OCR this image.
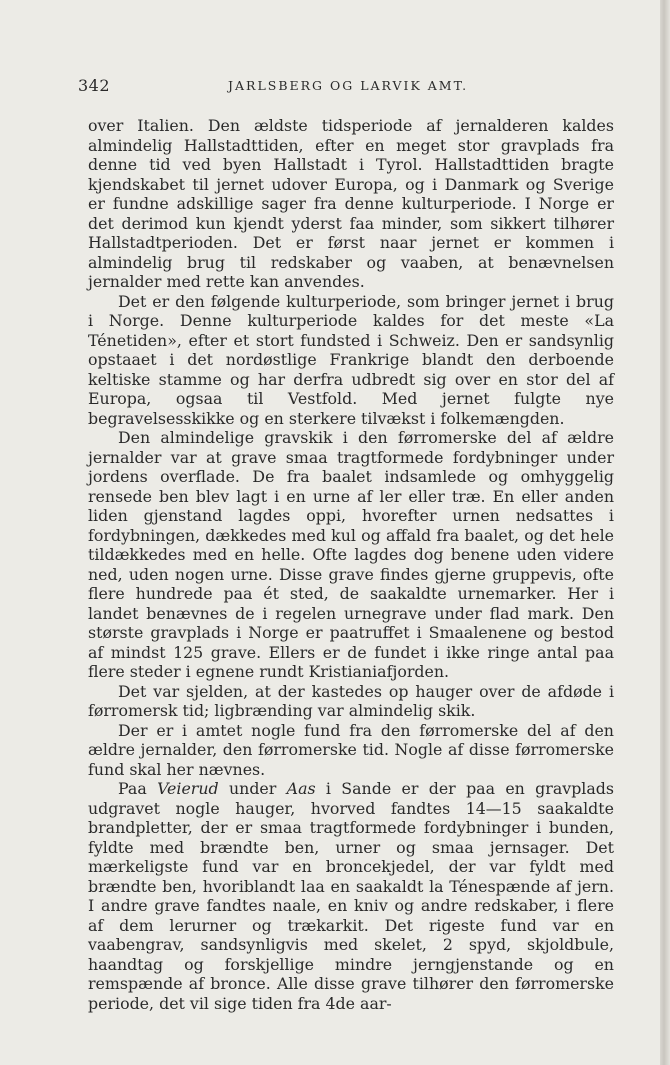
342	JARLSBERG OG LARVIK AMT.

over Italien. Den ældste tidsperiode af jernalderen kaldes almindelig Hallstadttiden, efter en meget stor gravplads fra denne tid ved byen Hallstadt i Tyrol. Hallstadttiden bragte kjendskabet til jernet udover Europa, og i Danmark og Sverige er fundne adskillige sager fra denne kulturperiode. I Norge er det derimod kun kjendt yderst faa minder, som sikkert tilhører Hallstadtperioden. Det er først naar jernet er kommen i almindelig brug til redskaber og vaaben, at benævnelsen jernalder med rette kan anvendes.

Det er den følgende kulturperiode, som bringer jernet i brug i Norge. Denne kulturperiode kaldes for det meste «La Ténetiden», efter et stort fundsted i Schweiz. Den er sandsynlig opstaaet i det nordøstlige Frankrige blandt den derboende keltiske stamme og har derfra udbredt sig over en stor del af Europa, ogsaa til Vestfold. Med jernet fulgte nye begravelsesskikke og en sterkere tilvækst i folkemængden.

Den almindelige gravskik i den førromerske del af ældre jernalder var at grave smaa tragtformede fordybninger under jordens overflade. De fra baalet indsamlede og omhyggelig rensede ben blev lagt i en urne af ler eller træ. En eller anden liden gjenstand lagdes oppi, hvorefter urnen nedsattes i fordybningen, dækkedes med kul og affald fra baalet, og det hele tildækkedes med en helle. Ofte lagdes dog benene uden videre ned, uden nogen urne. Disse grave findes gjerne gruppevis, ofte flere hundrede paa ét sted, de saakaldte urnemarker. Her i landet benævnes de i regelen urnegrave under flad mark. Den største gravplads i Norge er paatruffet i Smaalenene og bestod af mindst 125 grave. Ellers er de fundet i ikke ringe antal paa flere steder i egnene rundt Kristianiafjorden.

Det var sjelden, at der kastedes op hauger over de afdøde i førromersk tid; ligbrænding var almindelig skik.

Der er i amtet nogle fund fra den førromerske del af den ældre jernalder, den førromerske tid. Nogle af disse førromerske fund skal her nævnes.

Paa Veierud under Aas i Sande er der paa en gravplads udgravet nogle hauger, hvorved fandtes 14—15 saakaldte brandpletter, der er smaa tragtformede fordybninger i bunden, fyldte med brændte ben, urner og smaa jernsager. Det mærkeligste fund var en broncekjedel, der var fyldt med brændte ben, hvoriblandt laa en saakaldt la Ténespænde af jern. I andre grave fandtes naale, en kniv og andre redskaber, i flere af dem lerurner og trækarkit. Det rigeste fund var en vaabengrav, sandsynligvis med skelet, 2 spyd, skjoldbule, haandtag og forskjellige mindre jerngjenstande og en remspænde af bronce. Alle disse grave tilhører den førromerske periode, det vil sige tiden fra 4de aar-
